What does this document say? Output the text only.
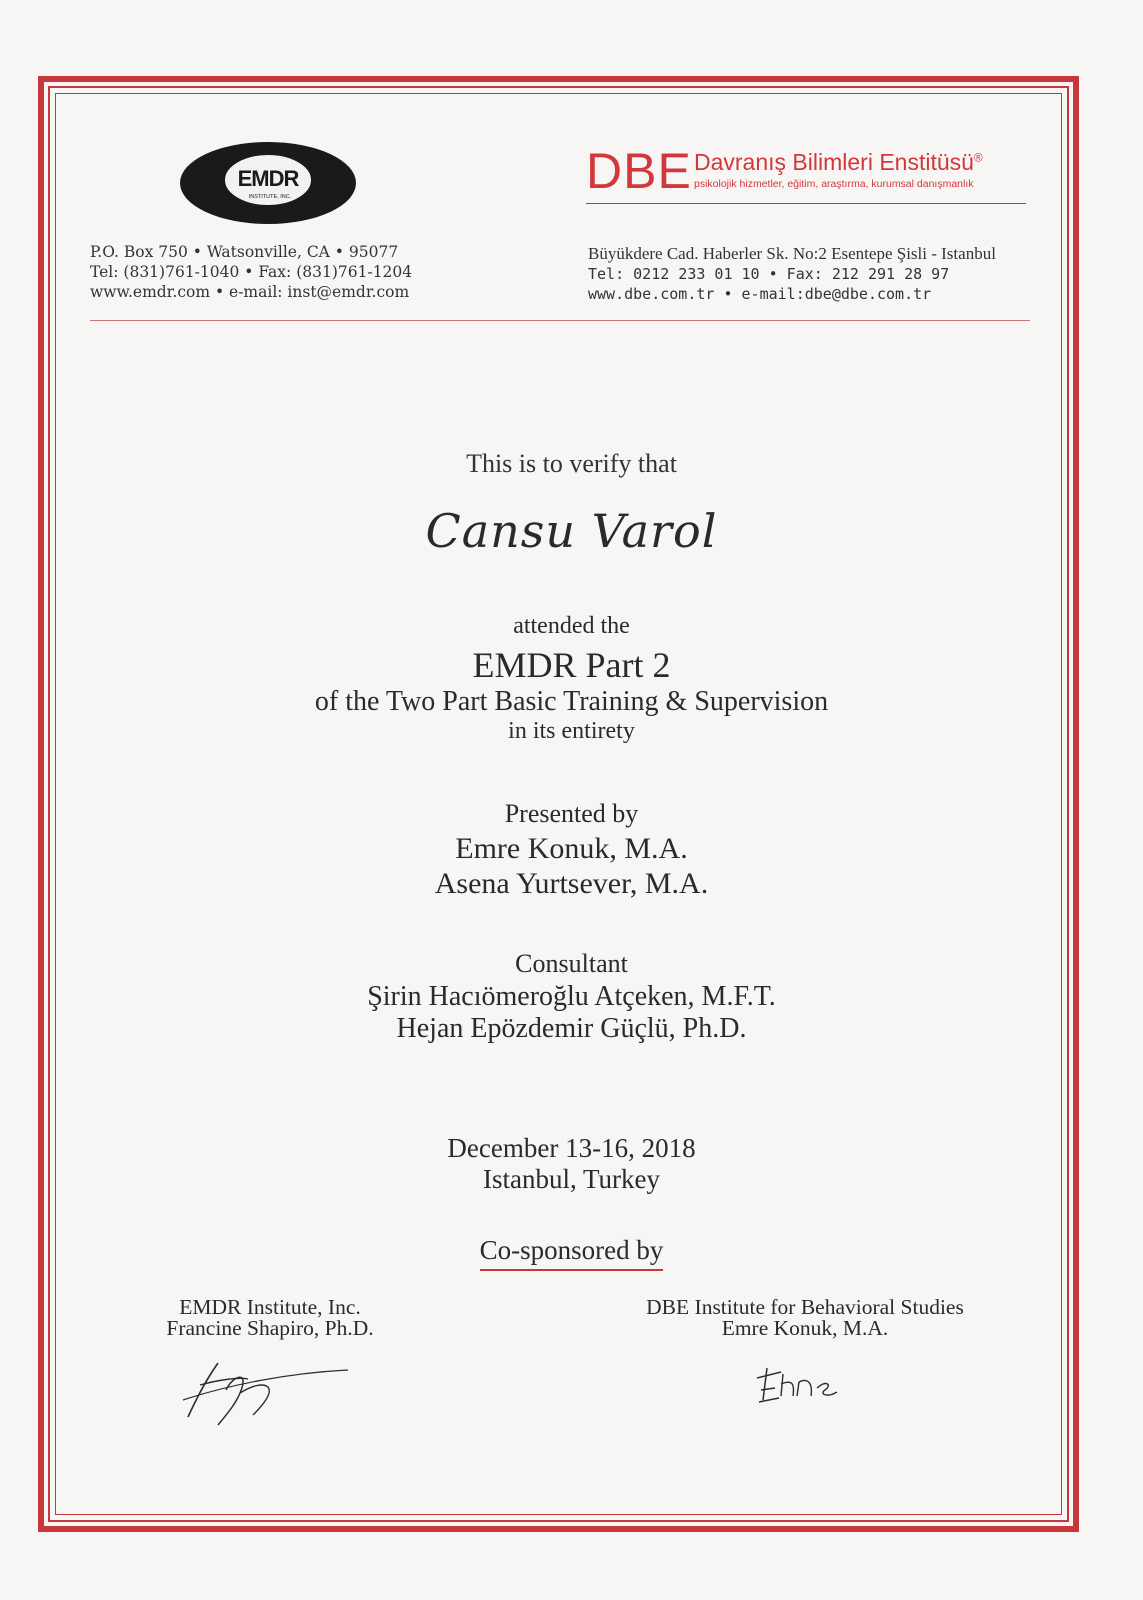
EMDR
INSTITUTE, INC.	DBE Davranış Bilimleri Enstitüsü®
psikolojik hizmetler, eğitim, araştırma, kurumsal danışmanlık
P.O. Box 750 • Watsonville, CA • 95077
Tel: (831)761-1040 • Fax: (831)761-1204
www.emdr.com • e-mail: inst@emdr.com
Büyükdere Cad. Haberler Sk. No:2 Esentepe Şisli - Istanbul
Tel: 0212 233 01 10 • Fax: 212 291 28 97
www.dbe.com.tr • e-mail:dbe@dbe.com.tr
This is to verify that
Cansu Varol
attended the
EMDR Part 2
of the Two Part Basic Training & Supervision
in its entirety
Presented by
Emre Konuk, M.A.
Asena Yurtsever, M.A.
Consultant
Şirin Hacıömeroğlu Atçeken, M.F.T.
Hejan Epözdemir Güçlü, Ph.D.
December 13-16, 2018
Istanbul, Turkey
Co-sponsored by
EMDR Institute, Inc.
Francine Shapiro, Ph.D.
DBE Institute for Behavioral Studies
Emre Konuk, M.A.
